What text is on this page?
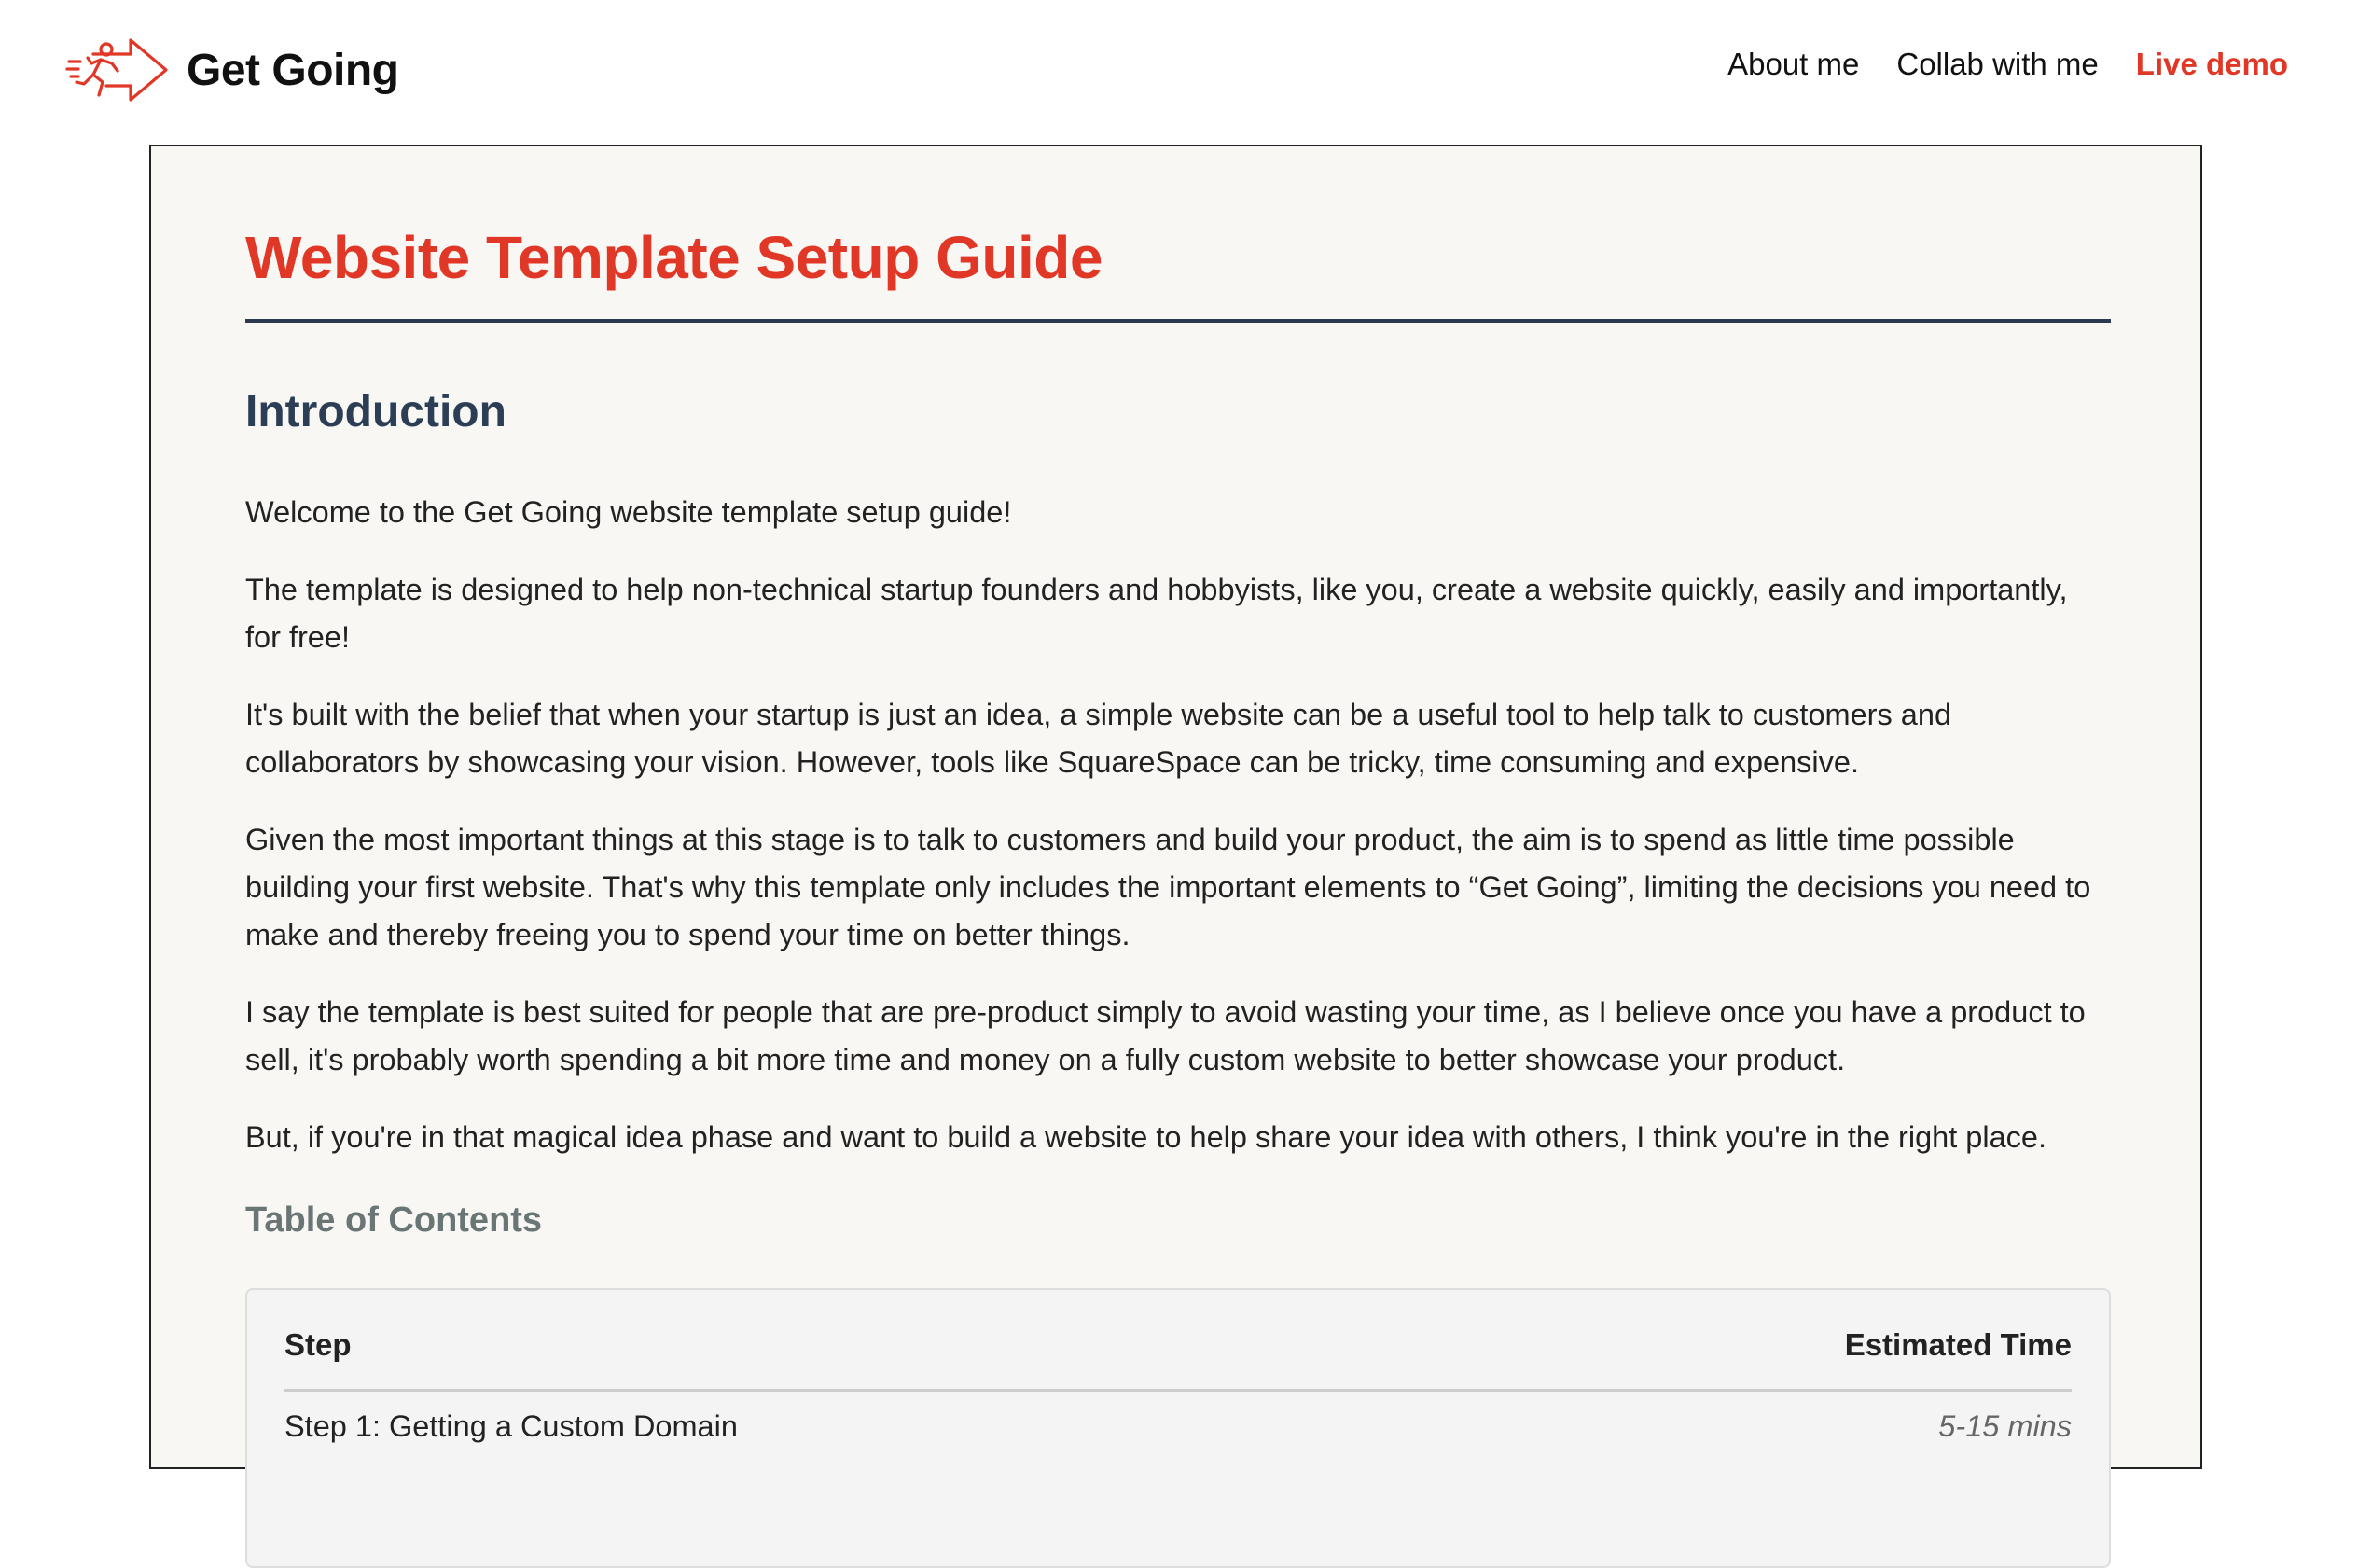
Get Going	About me Collab with me Live demo
Website Template Setup Guide
Introduction

Welcome to the Get Going website template setup guide!

The template is designed to help non-technical startup founders and hobbyists, like you, create a website quickly, easily and importantly, for free!

It's built with the belief that when your startup is just an idea, a simple website can be a useful tool to help talk to customers and collaborators by showcasing your vision. However, tools like SquareSpace can be tricky, time consuming and expensive.

Given the most important things at this stage is to talk to customers and build your product, the aim is to spend as little time possible building your first website. That's why this template only includes the important elements to “Get Going”, limiting the decisions you need to make and thereby freeing you to spend your time on better things.

I say the template is best suited for people that are pre-product simply to avoid wasting your time, as I believe once you have a product to sell, it's probably worth spending a bit more time and money on a fully custom website to better showcase your product.

But, if you're in that magical idea phase and want to build a website to help share your idea with others, I think you're in the right place.

Table of Contents
Step	Estimated Time
Step 1: Getting a Custom Domain	5-15 mins
